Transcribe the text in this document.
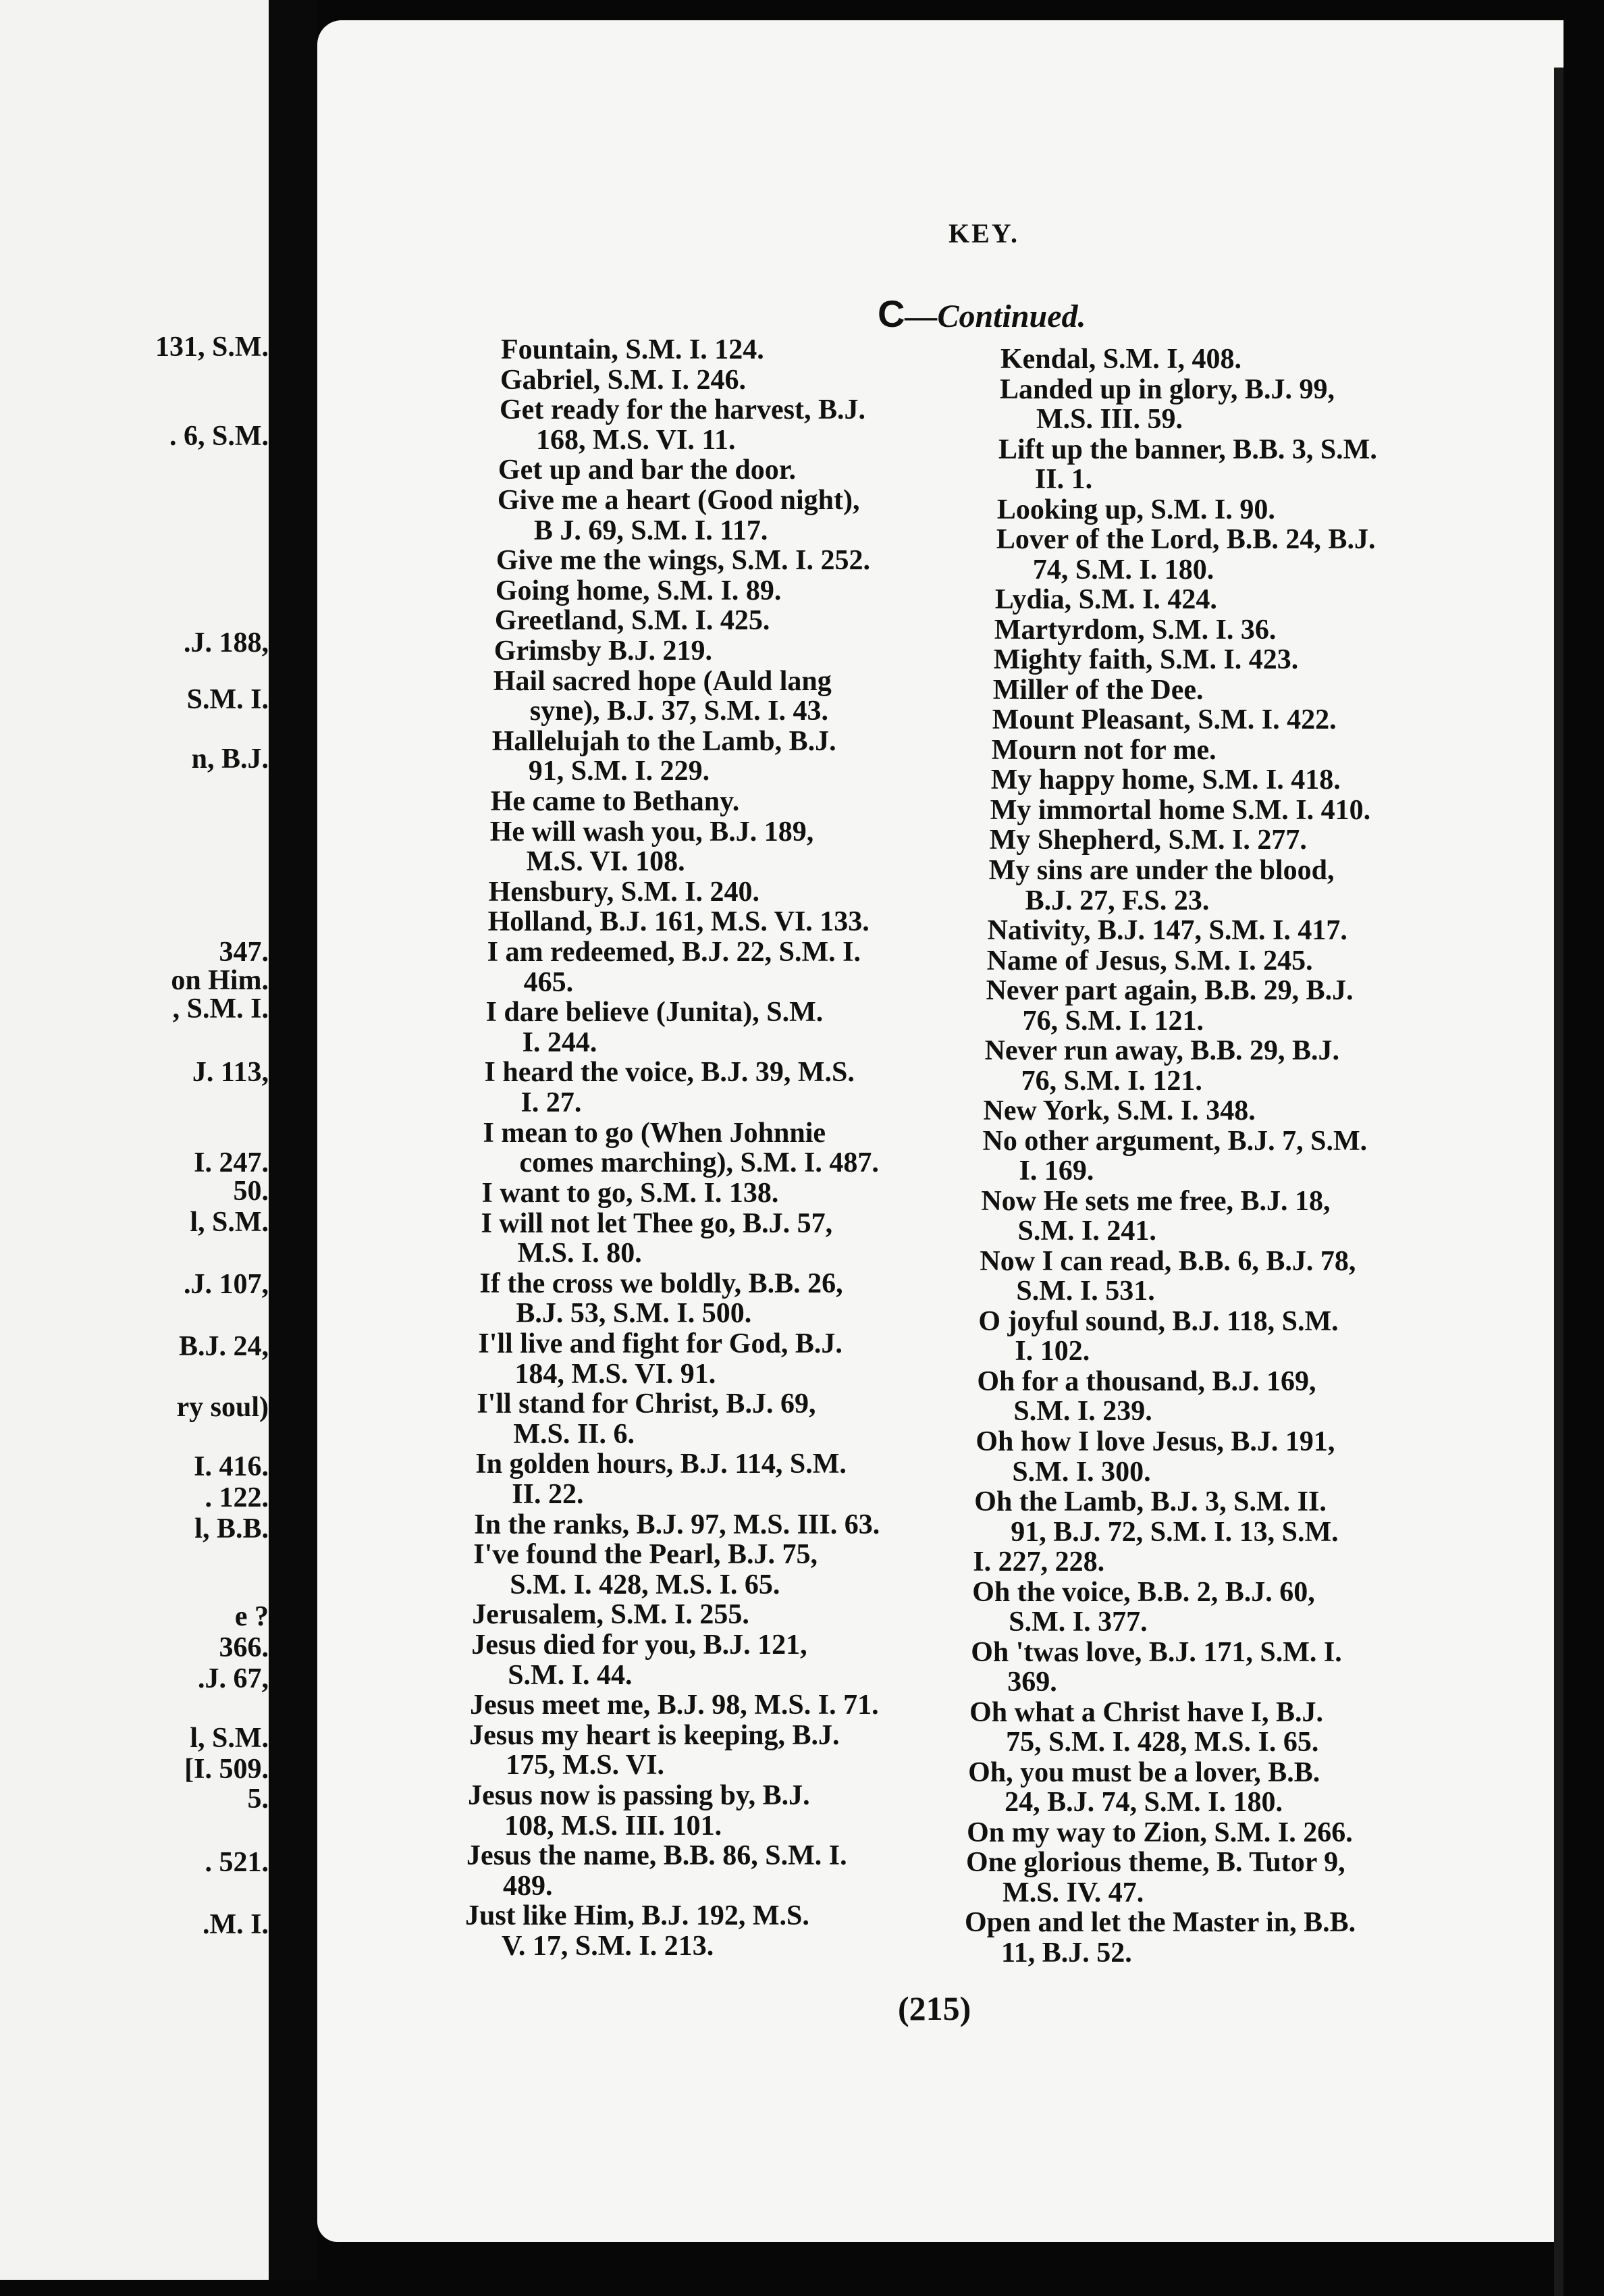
131, S.M.
. 6, S.M.
.J. 188,
S.M. I.
n, B.J.
347.
on Him.
, S.M. I.
J. 113,
I. 247.
50.
l, S.M.
.J. 107,
B.J. 24,
ry soul)
I. 416.
. 122.
l, B.B.
e ?
366.
.J. 67,
l, S.M.
[I. 509.
5.
. 521.
.M. I.
KEY.
C—Continued.
Fountain, S.M. I. 124.
Gabriel, S.M. I. 246.
Get ready for the harvest, B.J.
168, M.S. VI. 11.
Get up and bar the door.
Give me a heart (Good night),
B J. 69, S.M. I. 117.
Give me the wings, S.M. I. 252.
Going home, S.M. I. 89.
Greetland, S.M. I. 425.
Grimsby B.J. 219.
Hail sacred hope (Auld lang
syne), B.J. 37, S.M. I. 43.
Hallelujah to the Lamb, B.J.
91, S.M. I. 229.
He came to Bethany.
He will wash you, B.J. 189,
M.S. VI. 108.
Hensbury, S.M. I. 240.
Holland, B.J. 161, M.S. VI. 133.
I am redeemed, B.J. 22, S.M. I.
465.
I dare believe (Junita), S.M.
I. 244.
I heard the voice, B.J. 39, M.S.
I. 27.
I mean to go (When Johnnie
comes marching), S.M. I. 487.
I want to go, S.M. I. 138.
I will not let Thee go, B.J. 57,
M.S. I. 80.
If the cross we boldly, B.B. 26,
B.J. 53, S.M. I. 500.
I'll live and fight for God, B.J.
184, M.S. VI. 91.
I'll stand for Christ, B.J. 69,
M.S. II. 6.
In golden hours, B.J. 114, S.M.
II. 22.
In the ranks, B.J. 97, M.S. III. 63.
I've found the Pearl, B.J. 75,
S.M. I. 428, M.S. I. 65.
Jerusalem, S.M. I. 255.
Jesus died for you, B.J. 121,
S.M. I. 44.
Jesus meet me, B.J. 98, M.S. I. 71.
Jesus my heart is keeping, B.J.
175, M.S. VI.
Jesus now is passing by, B.J.
108, M.S. III. 101.
Jesus the name, B.B. 86, S.M. I.
489.
Just like Him, B.J. 192, M.S.
V. 17, S.M. I. 213.
Kendal, S.M. I, 408.
Landed up in glory, B.J. 99,
M.S. III. 59.
Lift up the banner, B.B. 3, S.M.
II. 1.
Looking up, S.M. I. 90.
Lover of the Lord, B.B. 24, B.J.
74, S.M. I. 180.
Lydia, S.M. I. 424.
Martyrdom, S.M. I. 36.
Mighty faith, S.M. I. 423.
Miller of the Dee.
Mount Pleasant, S.M. I. 422.
Mourn not for me.
My happy home, S.M. I. 418.
My immortal home S.M. I. 410.
My Shepherd, S.M. I. 277.
My sins are under the blood,
B.J. 27, F.S. 23.
Nativity, B.J. 147, S.M. I. 417.
Name of Jesus, S.M. I. 245.
Never part again, B.B. 29, B.J.
76, S.M. I. 121.
Never run away, B.B. 29, B.J.
76, S.M. I. 121.
New York, S.M. I. 348.
No other argument, B.J. 7, S.M.
I. 169.
Now He sets me free, B.J. 18,
S.M. I. 241.
Now I can read, B.B. 6, B.J. 78,
S.M. I. 531.
O joyful sound, B.J. 118, S.M.
I. 102.
Oh for a thousand, B.J. 169,
S.M. I. 239.
Oh how I love Jesus, B.J. 191,
S.M. I. 300.
Oh the Lamb, B.J. 3, S.M. II.
91, B.J. 72, S.M. I. 13, S.M.
I. 227, 228.
Oh the voice, B.B. 2, B.J. 60,
S.M. I. 377.
Oh 'twas love, B.J. 171, S.M. I.
369.
Oh what a Christ have I, B.J.
75, S.M. I. 428, M.S. I. 65.
Oh, you must be a lover, B.B.
24, B.J. 74, S.M. I. 180.
On my way to Zion, S.M. I. 266.
One glorious theme, B. Tutor 9,
M.S. IV. 47.
Open and let the Master in, B.B.
11, B.J. 52.
(215)
